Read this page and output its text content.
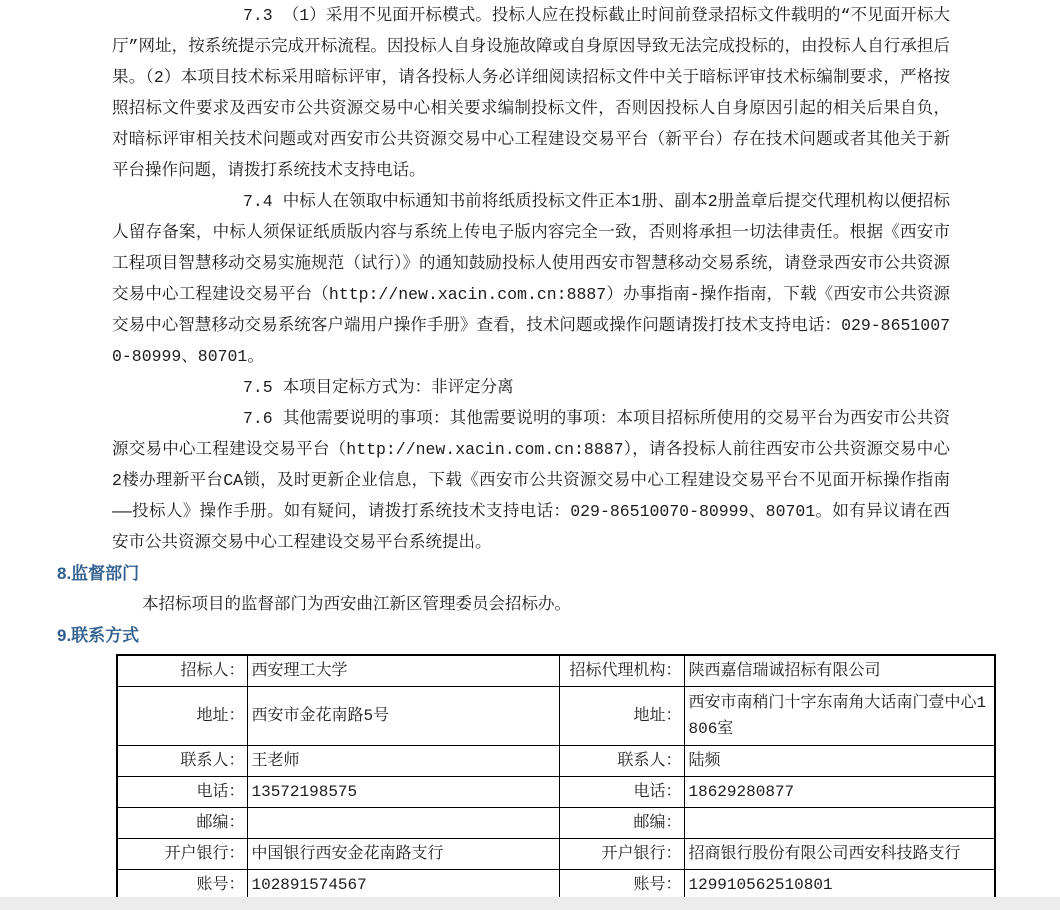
7.3 （1）采用不见面开标模式。投标人应在投标截止时间前登录招标文件载明的“不见面开标大厅”网址，按系统提示完成开标流程。因投标人自身设施故障或自身原因导致无法完成投标的，由投标人自行承担后果。（2）本项目技术标采用暗标评审，请各投标人务必详细阅读招标文件中关于暗标评审技术标编制要求，严格按照招标文件要求及西安市公共资源交易中心相关要求编制投标文件，否则因投标人自身原因引起的相关后果自负，对暗标评审相关技术问题或对西安市公共资源交易中心工程建设交易平台（新平台）存在技术问题或者其他关于新平台操作问题，请拨打系统技术支持电话。

7.4 中标人在领取中标通知书前将纸质投标文件正本1册、副本2册盖章后提交代理机构以便招标人留存备案，中标人须保证纸质版内容与系统上传电子版内容完全一致，否则将承担一切法律责任。根据《西安市工程项目智慧移动交易实施规范（试行）》的通知鼓励投标人使用西安市智慧移动交易系统，请登录西安市公共资源交易中心工程建设交易平台（http://new.xacin.com.cn:8887）办事指南-操作指南，下载《西安市公共资源交易中心智慧移动交易系统客户端用户操作手册》查看，技术问题或操作问题请拨打技术支持电话：029-86510070-80999、80701。

7.5 本项目定标方式为：非评定分离

7.6 其他需要说明的事项：其他需要说明的事项：本项目招标所使用的交易平台为西安市公共资源交易中心工程建设交易平台（http://new.xacin.com.cn:8887），请各投标人前往西安市公共资源交易中心2楼办理新平台CA锁，及时更新企业信息，下载《西安市公共资源交易中心工程建设交易平台不见面开标操作指南——投标人》操作手册。如有疑问，请拨打系统技术支持电话：029-86510070-80999、80701。如有异议请在西安市公共资源交易中心工程建设交易平台系统提出。

8.监督部门

本招标项目的监督部门为西安曲江新区管理委员会招标办。

9.联系方式
招标人：	西安理工大学	招标代理机构：	陕西嘉信瑞诚招标有限公司
地址：	西安市金花南路5号	地址：	西安市南稍门十字东南角大话南门壹中心1806室
联系人：	王老师	联系人：	陆频
电话：	13572198575	电话：	18629280877
邮编：		邮编：	
开户银行：	中国银行西安金花南路支行	开户银行：	招商银行股份有限公司西安科技路支行
账号：	102891574567	账号：	129910562510801
